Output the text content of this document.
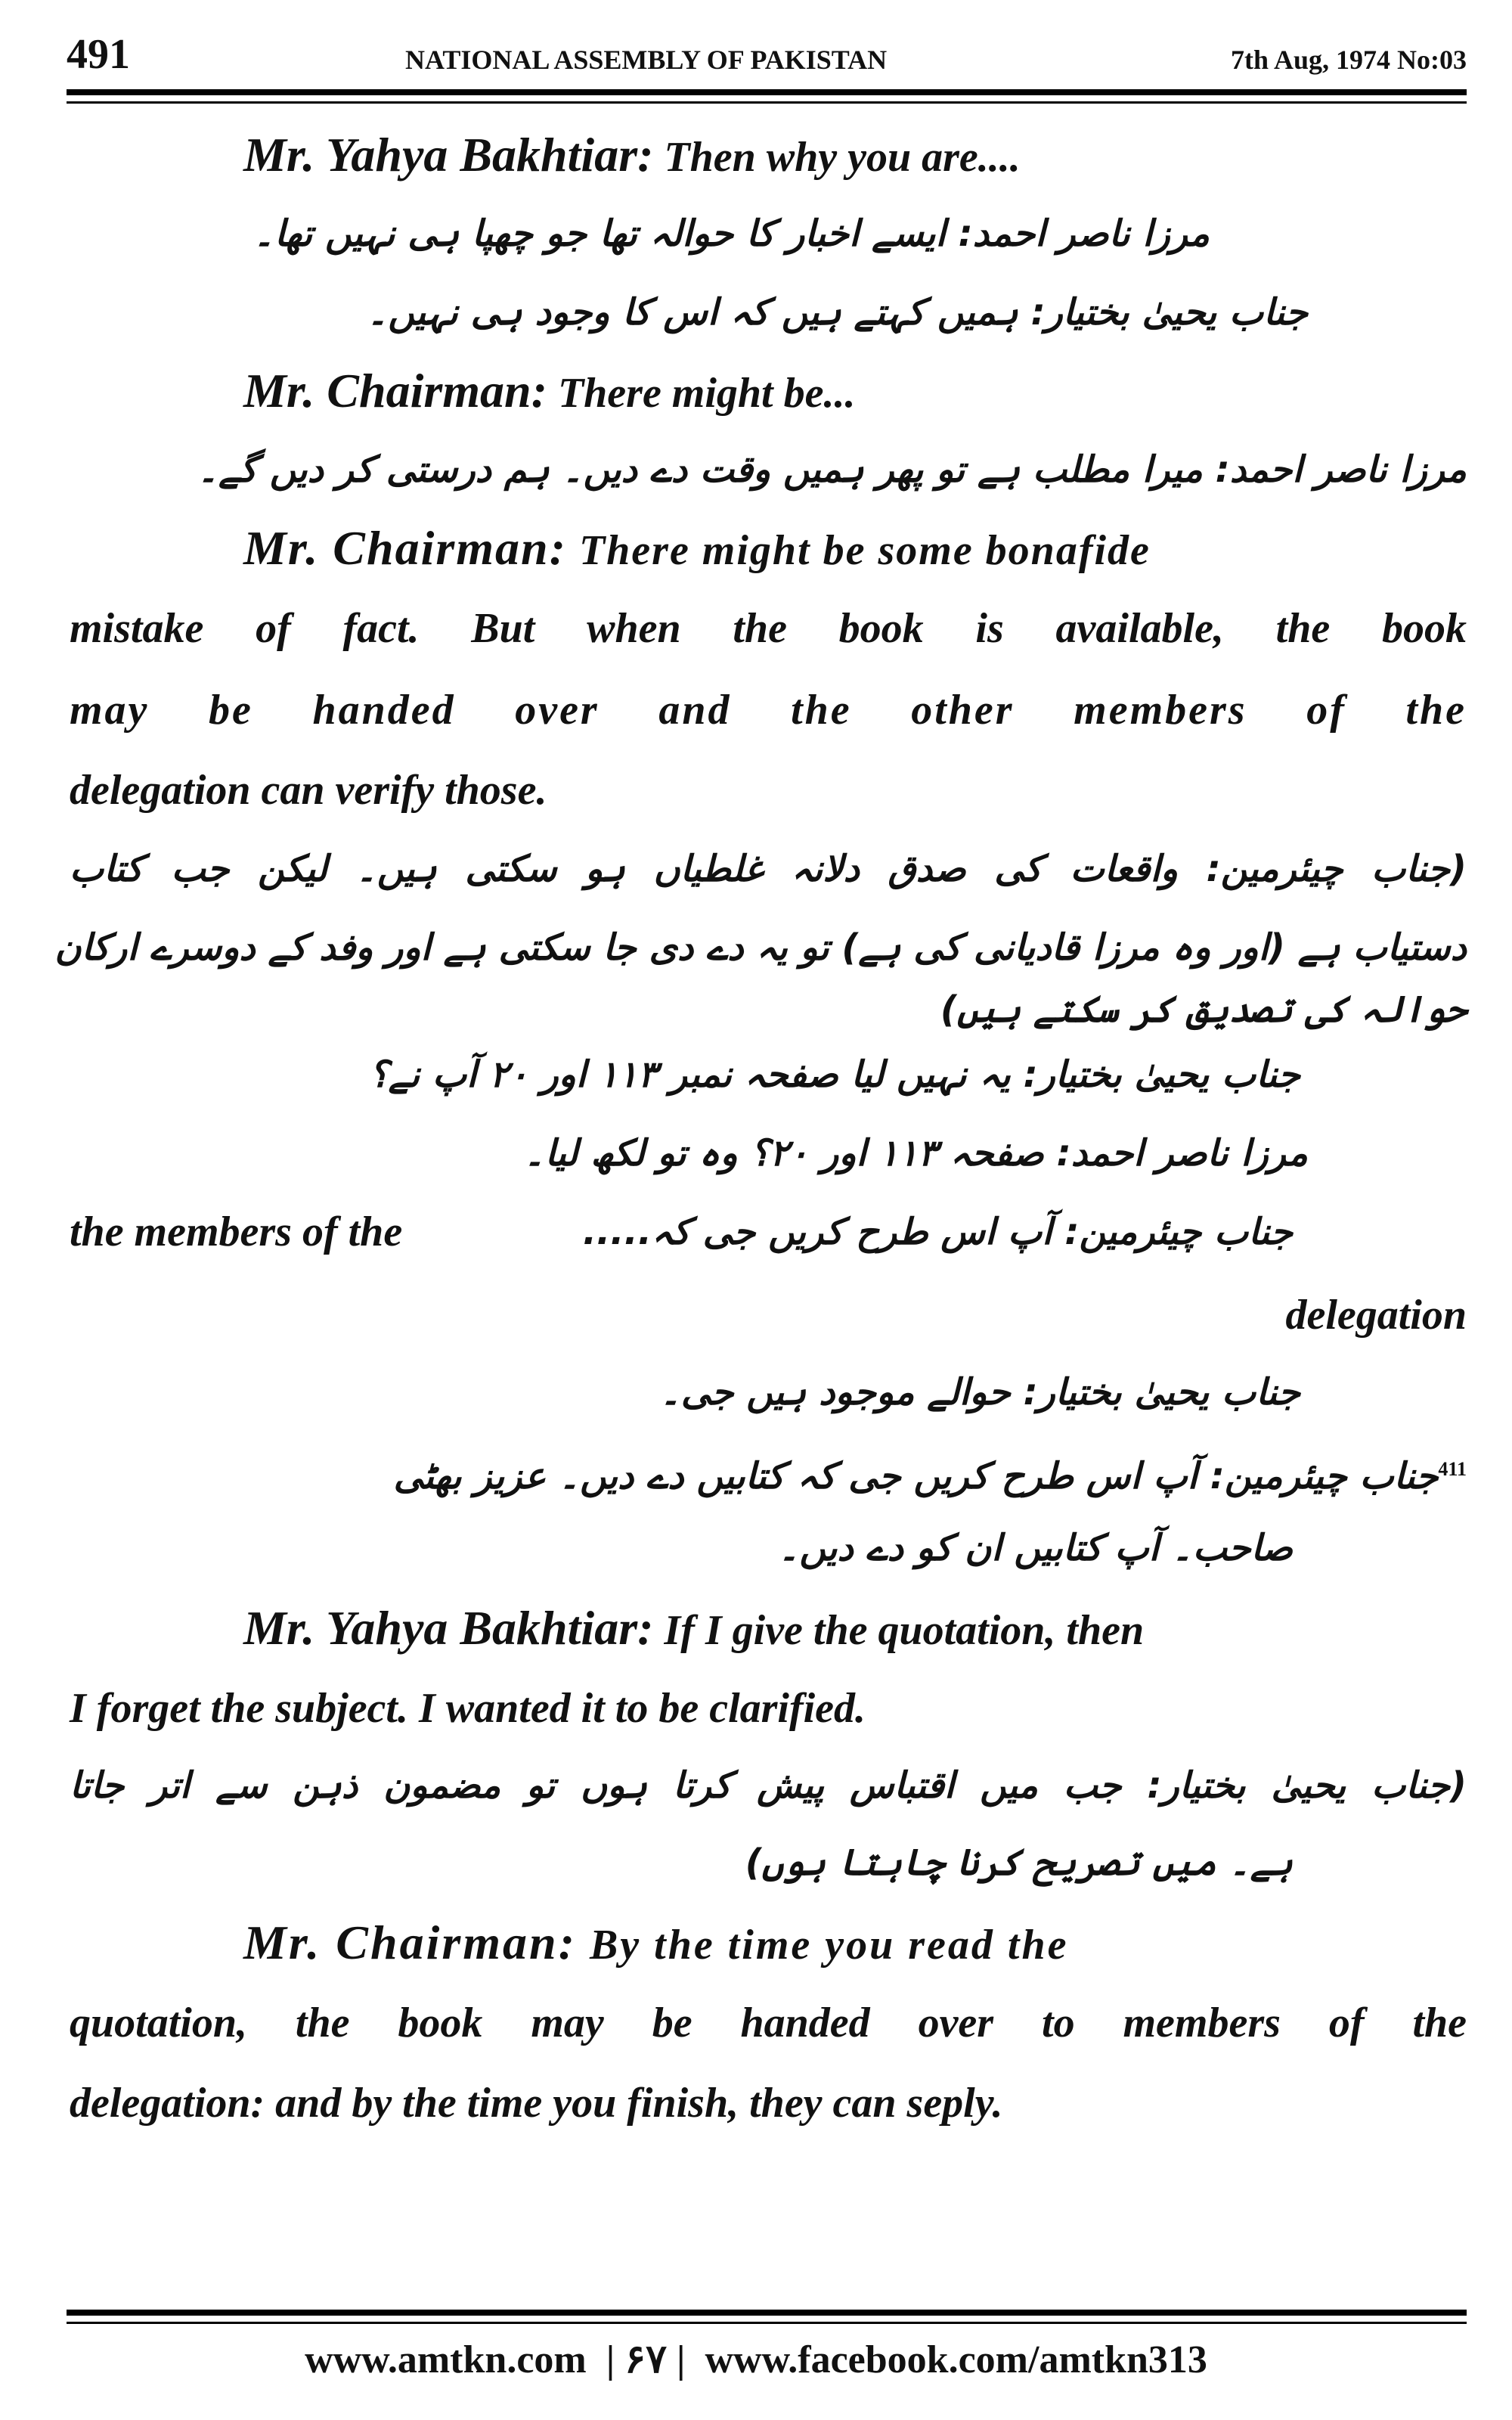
491	NATIONAL ASSEMBLY OF PAKISTAN	7th Aug, 1974 No:03
Mr. Yahya Bakhtiar: Then why you are....
مرزا ناصر احمد: ایسے اخبار کا حوالہ تھا جو چھپا ہی نہیں تھا۔
جناب یحییٰ بختیار: ہمیں کہتے ہیں کہ اس کا وجود ہی نہیں۔
Mr. Chairman: There might be...
مرزا ناصر احمد: میرا مطلب ہے تو پھر ہمیں وقت دے دیں۔ ہم درستی کر دیں گے۔
Mr. Chairman: There might be some bonafide
mistake of fact. But when the book is available, the book
may be handed over and the other members of the
delegation can verify those.
(جناب چیئرمین: واقعات کی صدق دلانہ غلطیاں ہو سکتی ہیں۔ لیکن جب کتاب
دستیاب ہے (اور وہ مرزا قادیانی کی ہے) تو یہ دے دی جا سکتی ہے اور وفد کے دوسرے ارکان
حوالہ کی تصدیق کر سکتے ہیں)
جناب یحییٰ بختیار: یہ نہیں لیا صفحہ نمبر ۱۱۳ اور ۲۰ آپ نے؟
مرزا ناصر احمد: صفحہ ۱۱۳ اور ۲۰؟ وہ تو لکھ لیا۔
the members of the	جناب چیئرمین: آپ اس طرح کریں جی کہ.....
delegation
جناب یحییٰ بختیار: حوالے موجود ہیں جی۔
$^{411}$جناب چیئرمین: آپ اس طرح کریں جی کہ کتابیں دے دیں۔ عزیز بھٹی
صاحب۔ آپ کتابیں ان کو دے دیں۔
Mr. Yahya Bakhtiar: If I give the quotation, then
I forget the subject. I wanted it to be clarified.
(جناب یحییٰ بختیار: جب میں اقتباس پیش کرتا ہوں تو مضمون ذہن سے اتر جاتا
ہے۔ میں تصریح کرنا چاہتا ہوں)
Mr. Chairman: By the time you read the
quotation, the book may be handed over to members of the
delegation: and by the time you finish, they can seply.
www.amtkn.com | ۶۷ | www.facebook.com/amtkn313
